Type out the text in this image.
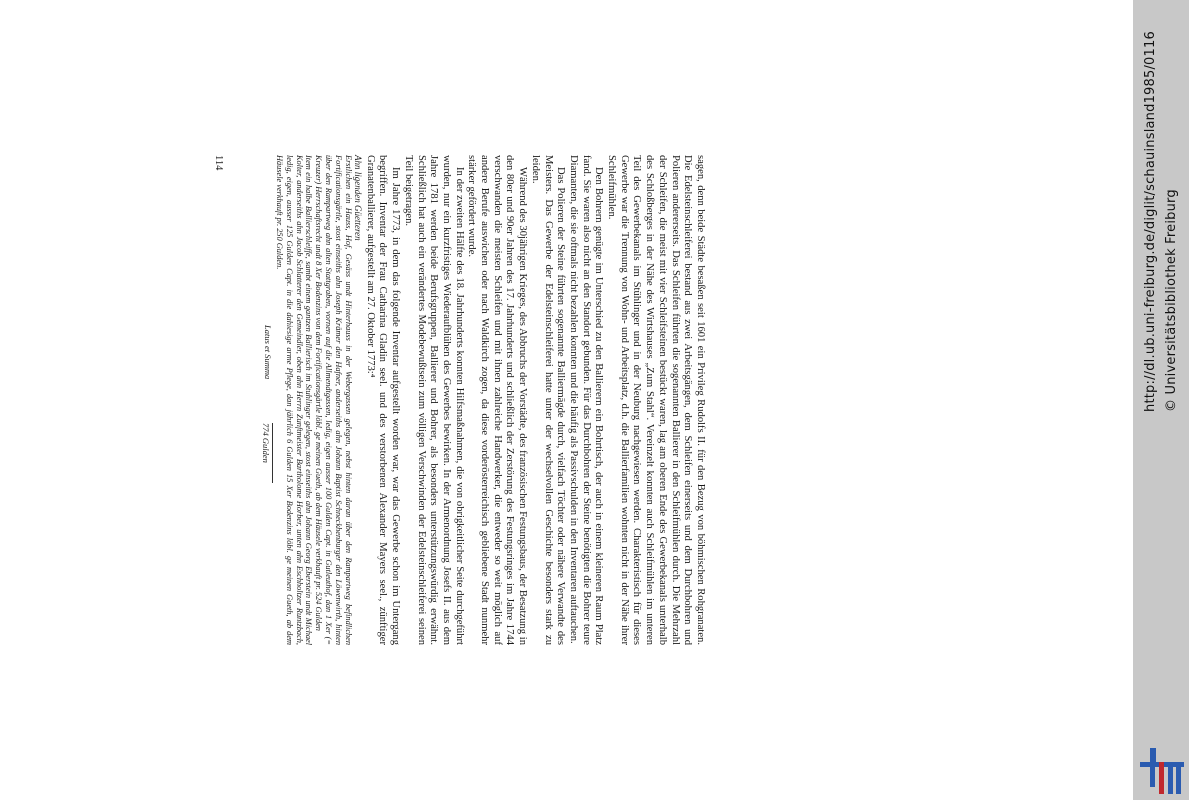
sagen, denn beide Städte besaßen seit 1601 ein Privileg Rudolfs II. für den Bezug von böhmischen Rohgranaten. Die Edelsteinschleiferei bestand aus zwei Arbeitsgängen, dem Schleifen einerseits und dem Durchbohren und Polieren andererseits. Das Schleifen führten die sogenannten Ballierer in den Schleifmühlen durch. Die Mehrzahl der Schleifen, die meist mit vier Schleifsteinen bestückt waren, lag am oberen Ende des Gewerbekanals unterhalb des Schloßberges in der Nähe des Wirtshauses „Zum Stahl“. Vereinzelt konnten auch Schleifmühlen im unteren Teil des Gewerbekanals im Stühlinger und in der Neuburg nachgewiesen werden. Charakteristisch für dieses Gewerbe war die Trennung von Wohn- und Arbeitsplatz, d.h. die Ballierfamilien wohnten nicht in der Nähe ihrer Schleifmühlen.

Den Bohrern genügte im Unterschied zu den Ballierern ein Bohrtisch, der auch in einem kleineren Raum Platz fand. Sie waren also nicht an den Standort gebunden. Für das Durchbohren der Steine benötigten die Bohrer teure Diamanten, die sie oftmals nicht bezahlen konnten und die häufig als Passivschulden in den Inventaren auftauchen.

Das Polieren der Steine führten sogenannte Balliermägde durch, vielfach Töchter oder nähere Verwandte des Meisters. Das Gewerbe der Edelsteinschleiferei hatte unter der wechselvollen Geschichte besonders stark zu leiden.

Während des 30jährigen Krieges, des Abbruchs der Vorstädte, des französischen Festungsbaus, der Besatzung in den 80er und 90er Jahren des 17. Jahrhunderts und schließlich der Zerstörung des Festungsringes im Jahre 1744 verschwanden die meisten Schleifen und mit ihnen zahlreiche Handwerker, die entweder so weit möglich auf andere Berufe auswichen oder nach Waldkirch zogen, da diese vorderösterreichisch gebliebene Stadt nunmehr stärker gefördert wurde.

In der zweiten Hälfte des 18. Jahrhunderts konnten Hilfsmaßnahmen, die von obrigkeitlicher Seite durchgeführt wurden, nur ein kurzfristiges Wiederaufblühen des Gewerbes bewirken. In der Armenordnung Josefs II. aus dem Jahre 1781 werden beide Berufsgruppen, Ballierer und Bohrer, als besonders unterstützungswürdig erwähnt. Schließlich hat auch ein verändertes Modebewußtsein zum völligen Verschwinden der Edelsteinschleiferei seinen Teil beigetragen.

Im Jahre 1773, in dem das folgende Inventar aufgestellt worden war, war das Gewerbe schon im Untergang begriffen. Inventar der Frau Catharina Gladin seel. und des verstorbenen Alexander Mayers seel., zünftiger Granatenballierer, aufgestellt am 27. Oktober 1773:⁴

Ahn ligenden Güetteren

Erstlichen ein Hauss, Hof, Gesäss undt Hinterhauss in der Webergassen gelegen, nebst hinten daran über den Rampartweg befindlichen Fortificationsgärtle, stost einseiths ahn Joseph Krämer den Hafner, anderseiths ahn Johann Baptist Schneckhenburger den Löwenwirth, hinten über den Rampartweg ahn alten Stattgraben, vornen auf die Allmendtgassen, ledig, eigen ausser 100 Gulden Capt. in Gutleuthof, dan 1 Xer (= Kreuzer) Herrschaftsrecht undt 8 Xer Bodenzins von dem Fortificationsgärtle löbl. ge meinen Gueth, ab dem Häusele verkhauft pr. 524 Gulden

Item ein halbe Ballierschleiffe, sambt einem gantzen Ballierisch im Stuhlinger gelegen, stost einseiths ahn Johann Georg Eberstein undt Michael Kolter, anderseiths ahn Jacob Schlatterer den Gemeindler, oben ahn Herrn Zunftmeister Bartholome Horber, unten ahn Eschholtzer Runtzbach, ledig, eigen, ausser 125 Gulden Capt. in die dahiesige arme Pflege, dan jährlich 6 Gulden 15 Xer Bodenzins löbl. ge meinen Gueth, ab dem Häusele verkhauft pr. 250 Gulden.

Latus et Summa
774 Gulden
114	http://dl.ub.uni-freiburg.de/diglit/schauinsland1985/0116 © Universitätsbibliothek Freiburg
